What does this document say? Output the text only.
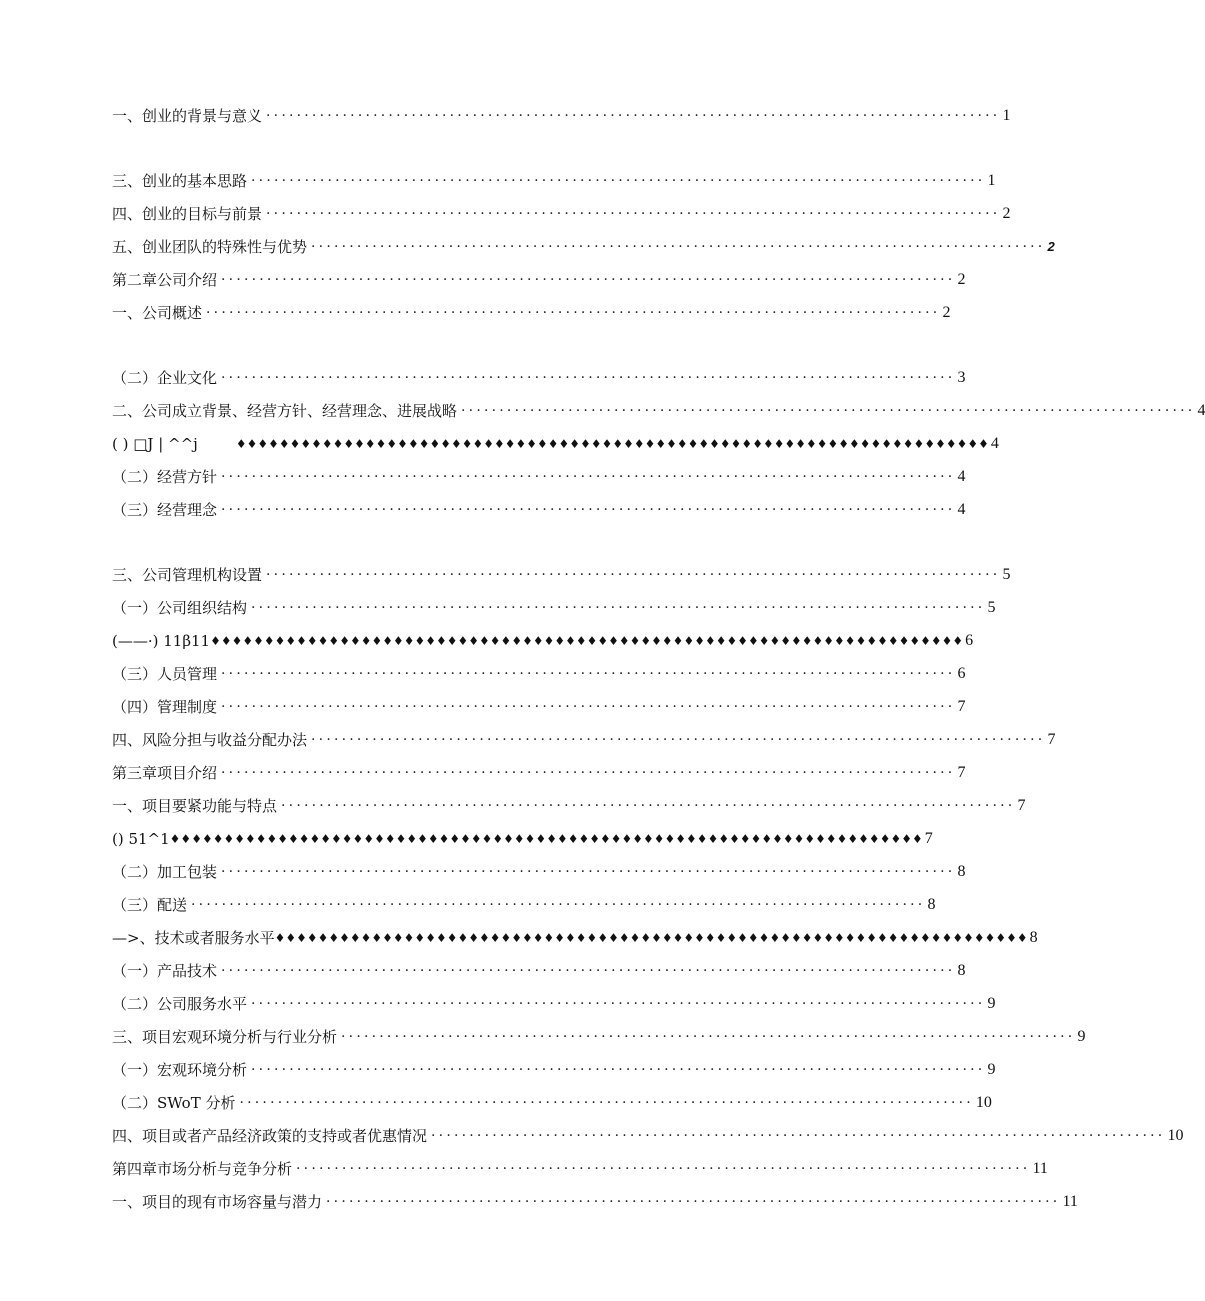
一、创业的背景与意义 ································································································ 1
三、创业的基本思路 ································································································ 1
四、创业的目标与前景 ································································································ 2
五、创业团队的特殊性与优势 ································································································ 2
第二章公司介绍 ································································································ 2
一、公司概述 ································································································ 2
（二）企业文化 ································································································ 3
二、公司成立背景、经营方针、经营理念、进展战略 ································································································ 4
( ) □J | ^^j	♦♦♦♦♦♦♦♦♦♦♦♦♦♦♦♦♦♦♦♦♦♦♦♦♦♦♦♦♦♦♦♦♦♦♦♦♦♦♦♦♦♦♦♦♦♦♦♦♦♦♦♦♦♦♦♦♦♦♦♦♦♦♦♦♦♦♦♦♦♦ 4
（二）经营方针 ································································································ 4
（三）经营理念 ································································································ 4
三、公司管理机构设置 ································································································ 5
（一）公司组织结构 ································································································ 5
(——·) 11β11 ♦♦♦♦♦♦♦♦♦♦♦♦♦♦♦♦♦♦♦♦♦♦♦♦♦♦♦♦♦♦♦♦♦♦♦♦♦♦♦♦♦♦♦♦♦♦♦♦♦♦♦♦♦♦♦♦♦♦♦♦♦♦♦♦♦♦♦♦♦♦ 6
（三）人员管理 ································································································ 6
（四）管理制度 ································································································ 7
四、风险分担与收益分配办法 ································································································ 7
第三章项目介绍 ································································································ 7
一、项目要紧功能与特点 ································································································ 7
() 51^1 ♦♦♦♦♦♦♦♦♦♦♦♦♦♦♦♦♦♦♦♦♦♦♦♦♦♦♦♦♦♦♦♦♦♦♦♦♦♦♦♦♦♦♦♦♦♦♦♦♦♦♦♦♦♦♦♦♦♦♦♦♦♦♦♦♦♦♦♦♦♦ 7
（二）加工包装 ································································································ 8
（三）配送 ································································································ 8
—>、技术或者服务水平 ♦♦♦♦♦♦♦♦♦♦♦♦♦♦♦♦♦♦♦♦♦♦♦♦♦♦♦♦♦♦♦♦♦♦♦♦♦♦♦♦♦♦♦♦♦♦♦♦♦♦♦♦♦♦♦♦♦♦♦♦♦♦♦♦♦♦♦♦♦♦ 8
（一）产品技术 ································································································ 8
（二）公司服务水平 ································································································ 9
三、项目宏观环境分析与行业分析 ································································································ 9
（一）宏观环境分析 ································································································ 9
（二）SWoT 分析 ································································································ 10
四、项目或者产品经济政策的支持或者优惠情况 ································································································ 10
第四章市场分析与竞争分析 ································································································ 11
一、项目的现有市场容量与潜力 ································································································ 11
